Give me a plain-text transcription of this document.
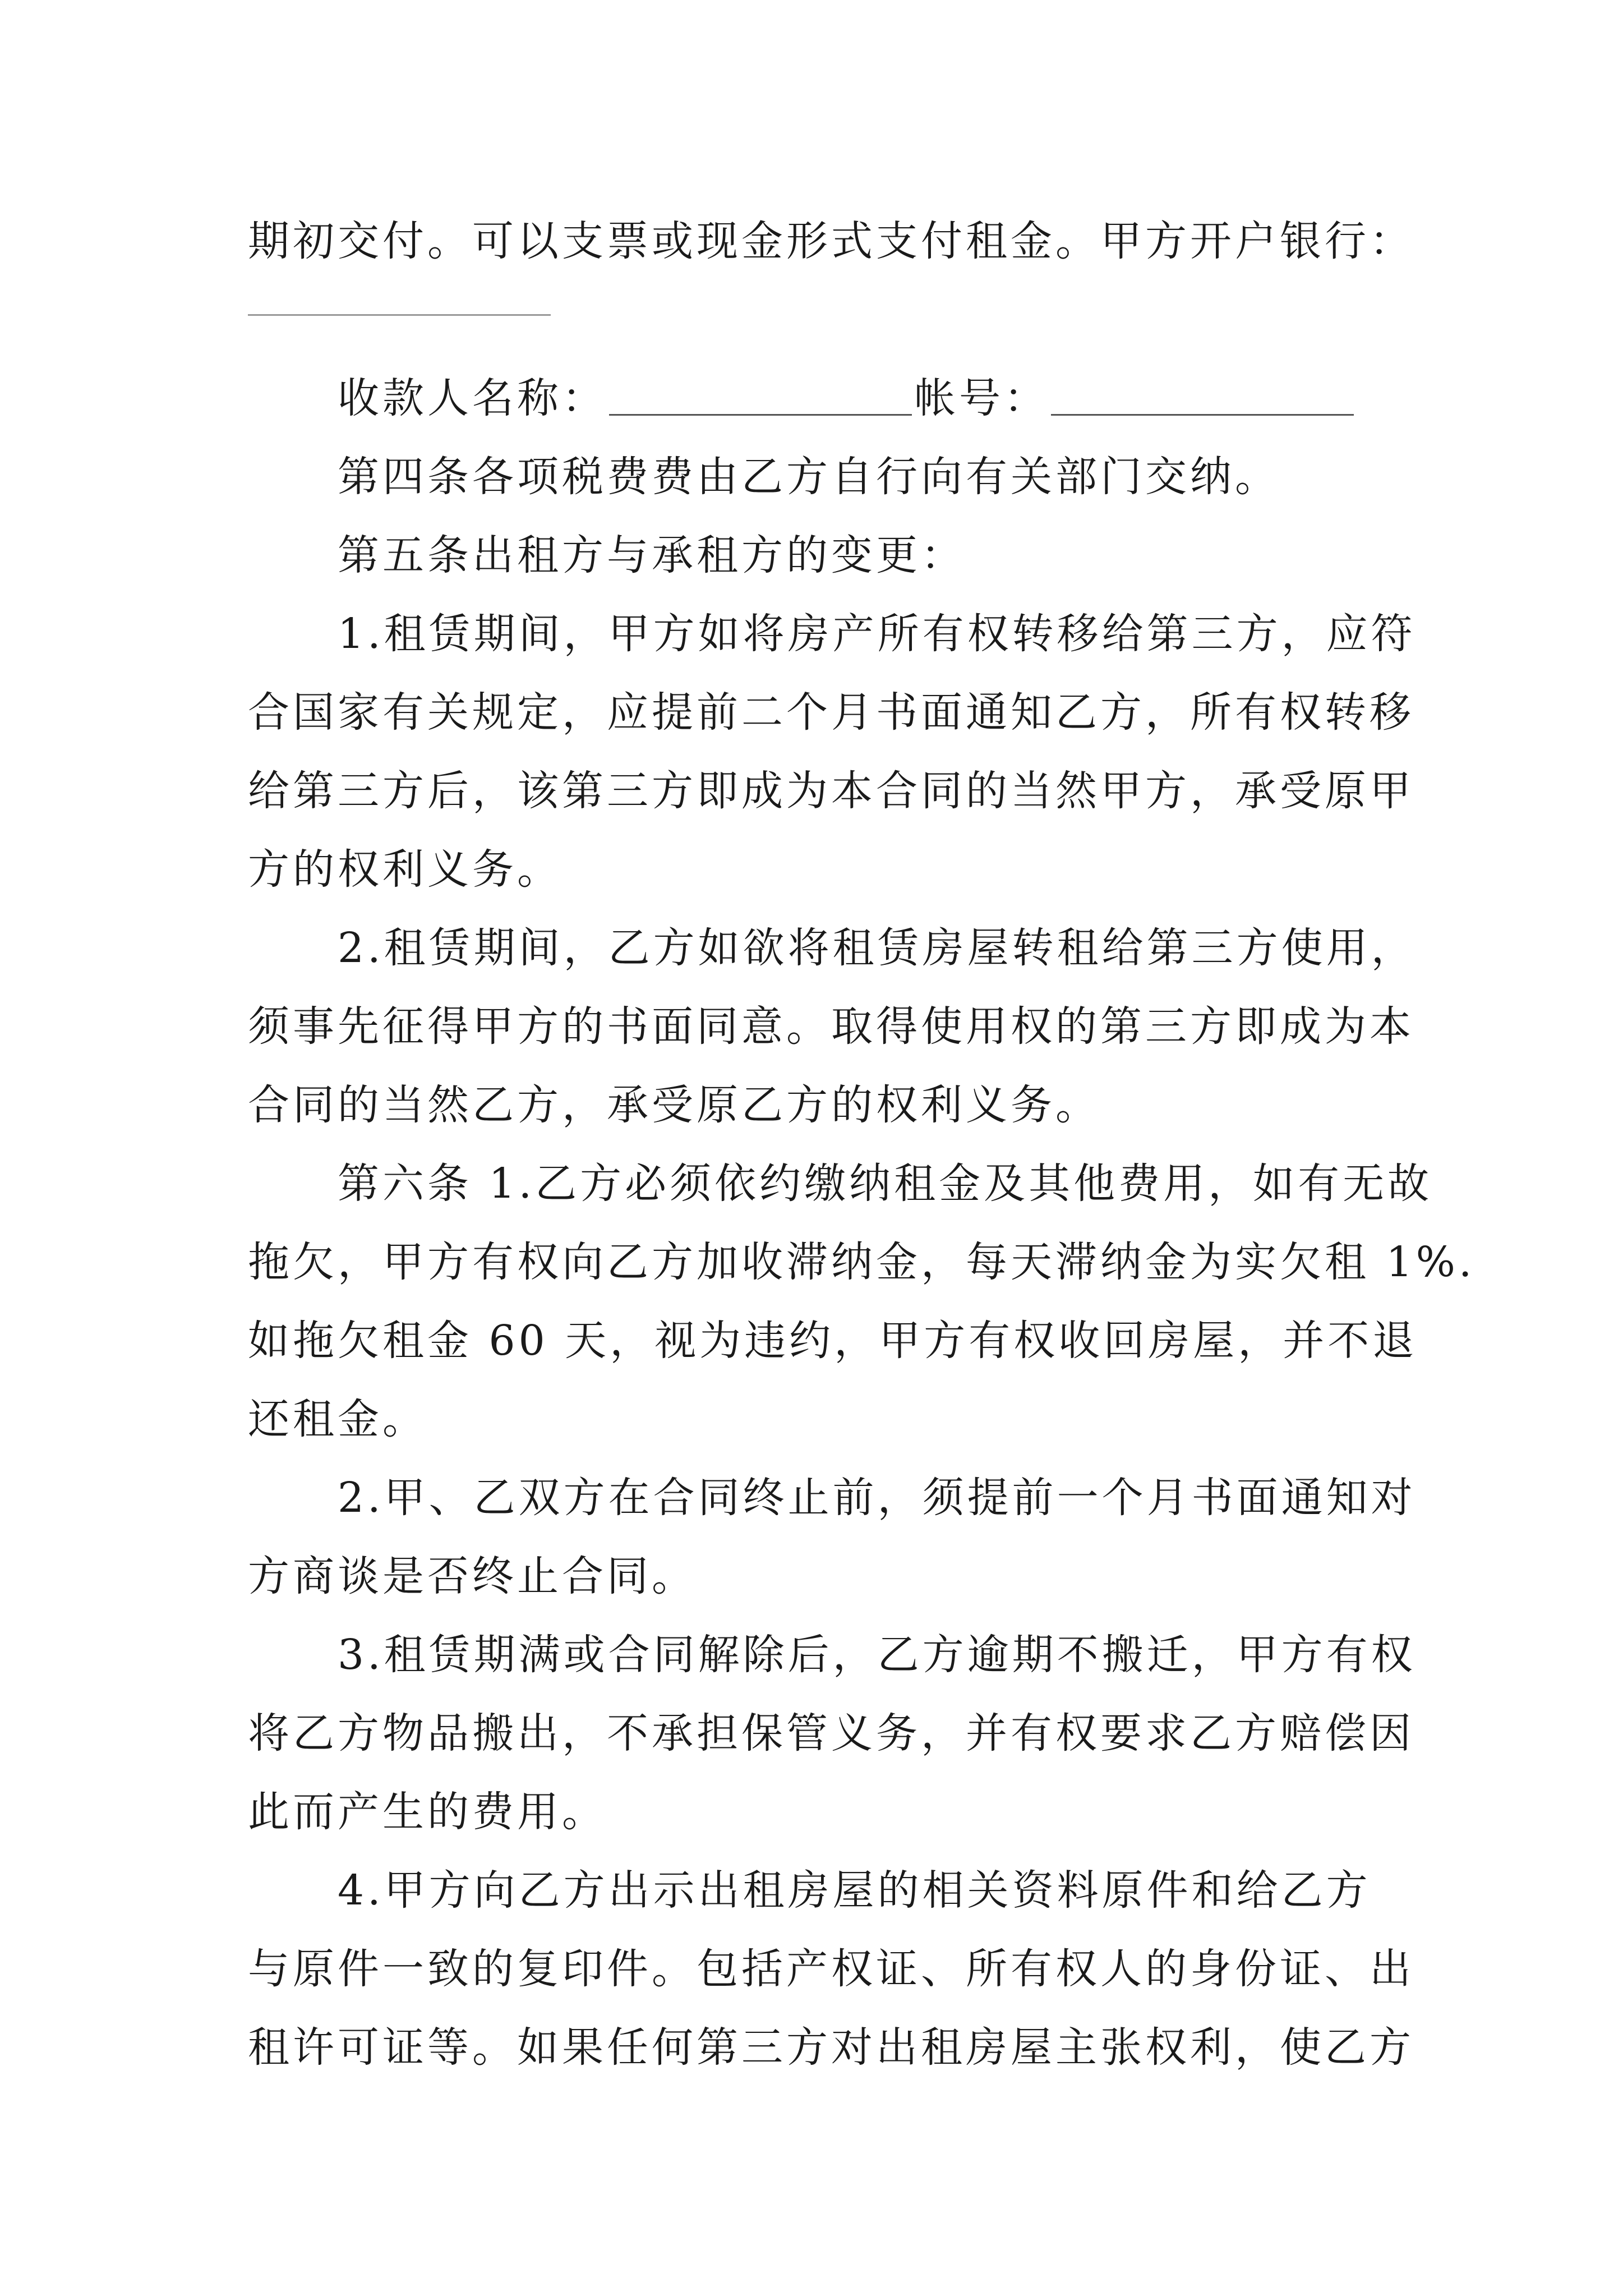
期初交付。可以支票或现金形式支付租金。甲方开户银行：

收款人名称：	帐号：

第四条各项税费费由乙方自行向有关部门交纳。

第五条出租方与承租方的变更：

1.租赁期间，甲方如将房产所有权转移给第三方，应符

合国家有关规定，应提前二个月书面通知乙方，所有权转移

给第三方后，该第三方即成为本合同的当然甲方，承受原甲

方的权利义务。

2.租赁期间，乙方如欲将租赁房屋转租给第三方使用，

须事先征得甲方的书面同意。取得使用权的第三方即成为本

合同的当然乙方，承受原乙方的权利义务。

第六条 1.乙方必须依约缴纳租金及其他费用，如有无故

拖欠，甲方有权向乙方加收滞纳金，每天滞纳金为实欠租 1%.

如拖欠租金 60 天，视为违约，甲方有权收回房屋，并不退

还租金。

2.甲、乙双方在合同终止前，须提前一个月书面通知对

方商谈是否终止合同。

3.租赁期满或合同解除后，乙方逾期不搬迁，甲方有权

将乙方物品搬出，不承担保管义务，并有权要求乙方赔偿因

此而产生的费用。

4.甲方向乙方出示出租房屋的相关资料原件和给乙方

与原件一致的复印件。包括产权证、所有权人的身份证、出

租许可证等。如果任何第三方对出租房屋主张权利，使乙方
